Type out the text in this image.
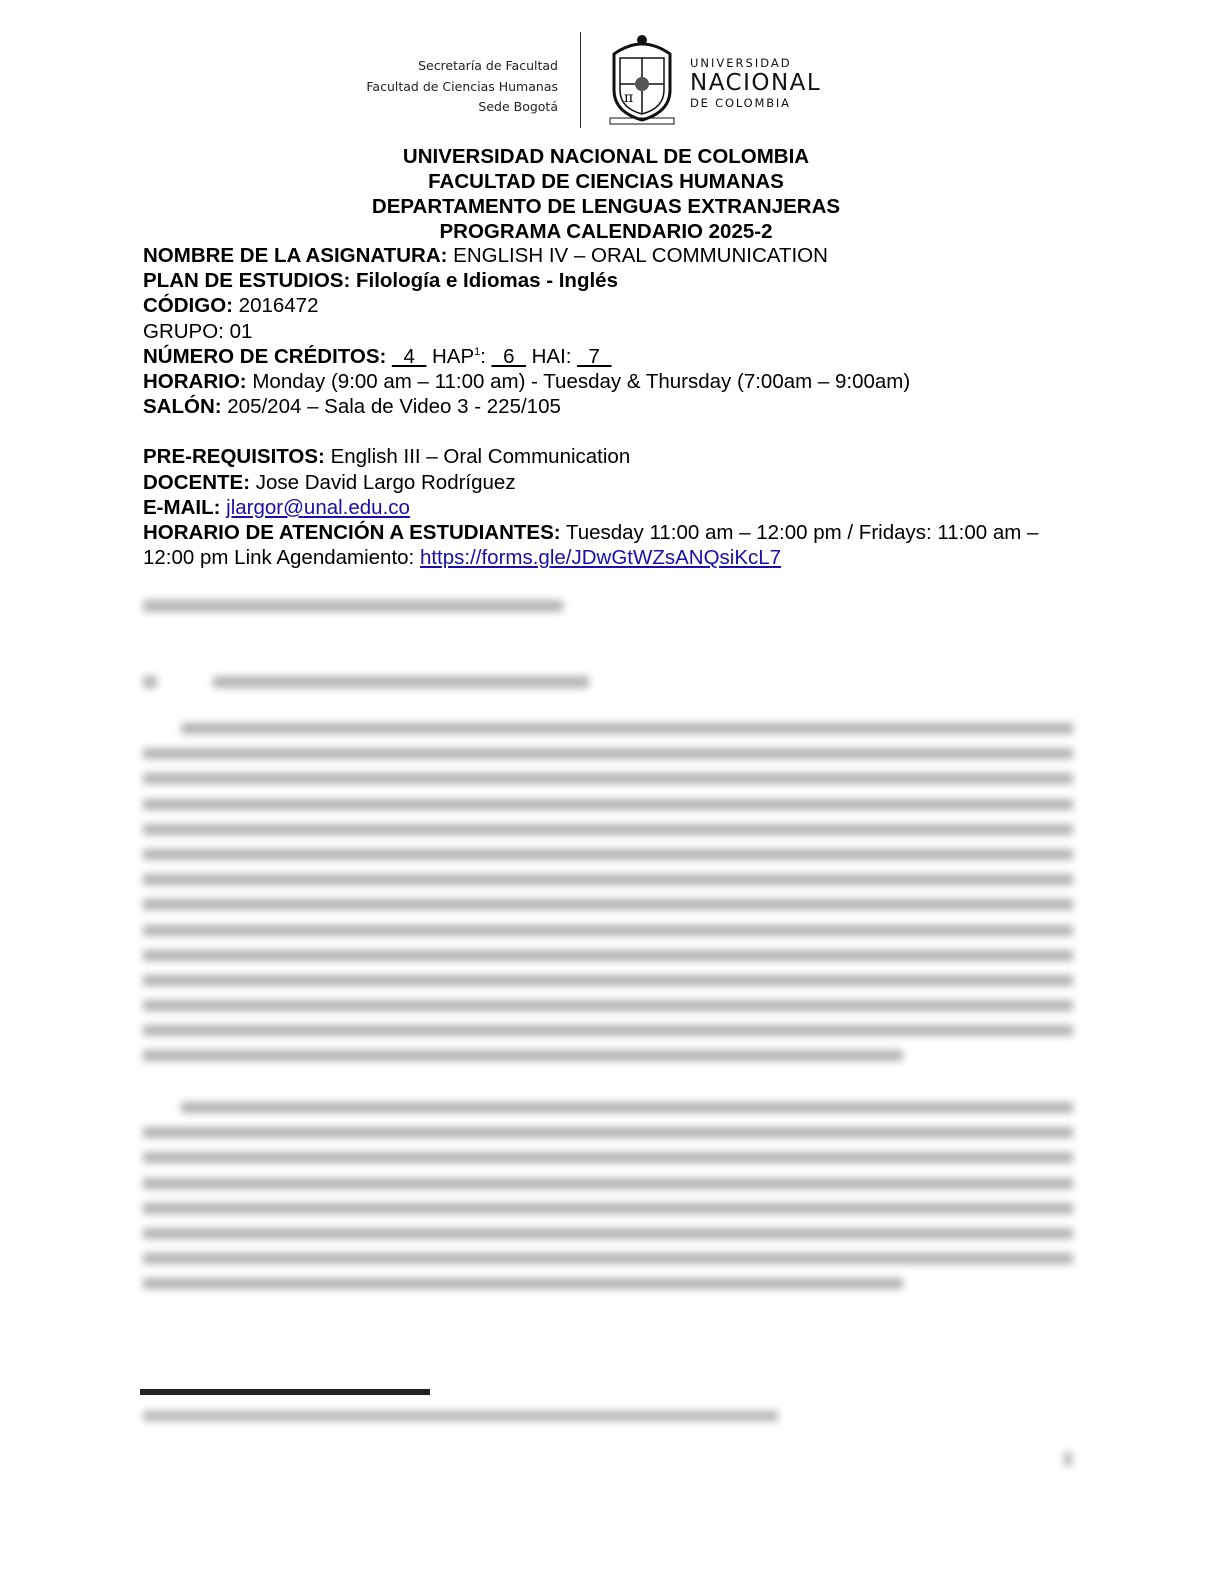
Secretaría de Facultad
Facultad de Ciencias Humanas
Sede Bogotá
π
UNIVERSIDAD
NACIONAL
DE COLOMBIA
UNIVERSIDAD NACIONAL DE COLOMBIA
FACULTAD DE CIENCIAS HUMANAS
DEPARTAMENTO DE LENGUAS EXTRANJERAS
PROGRAMA CALENDARIO 2025-2
NOMBRE DE LA ASIGNATURA: ENGLISH IV – ORAL COMMUNICATION
PLAN DE ESTUDIOS: Filología e Idiomas - Inglés
CÓDIGO: 2016472
GRUPO: 01
NÚMERO DE CRÉDITOS: _4_ HAP$^1$: _6_ HAI: _7_
HORARIO: Monday (9:00 am – 11:00 am) - Tuesday & Thursday (7:00am – 9:00am)
SALÓN: 205/204 – Sala de Video 3 - 225/105
PRE-REQUISITOS: English III – Oral Communication
DOCENTE: Jose David Largo Rodríguez
E-MAIL: jlargor@unal.edu.co
HORARIO DE ATENCIÓN A ESTUDIANTES: Tuesday 11:00 am – 12:00 pm / Fridays: 11:00 am – 12:00 pm Link Agendamiento: https://forms.gle/JDwGtWZsANQsiKcL7
